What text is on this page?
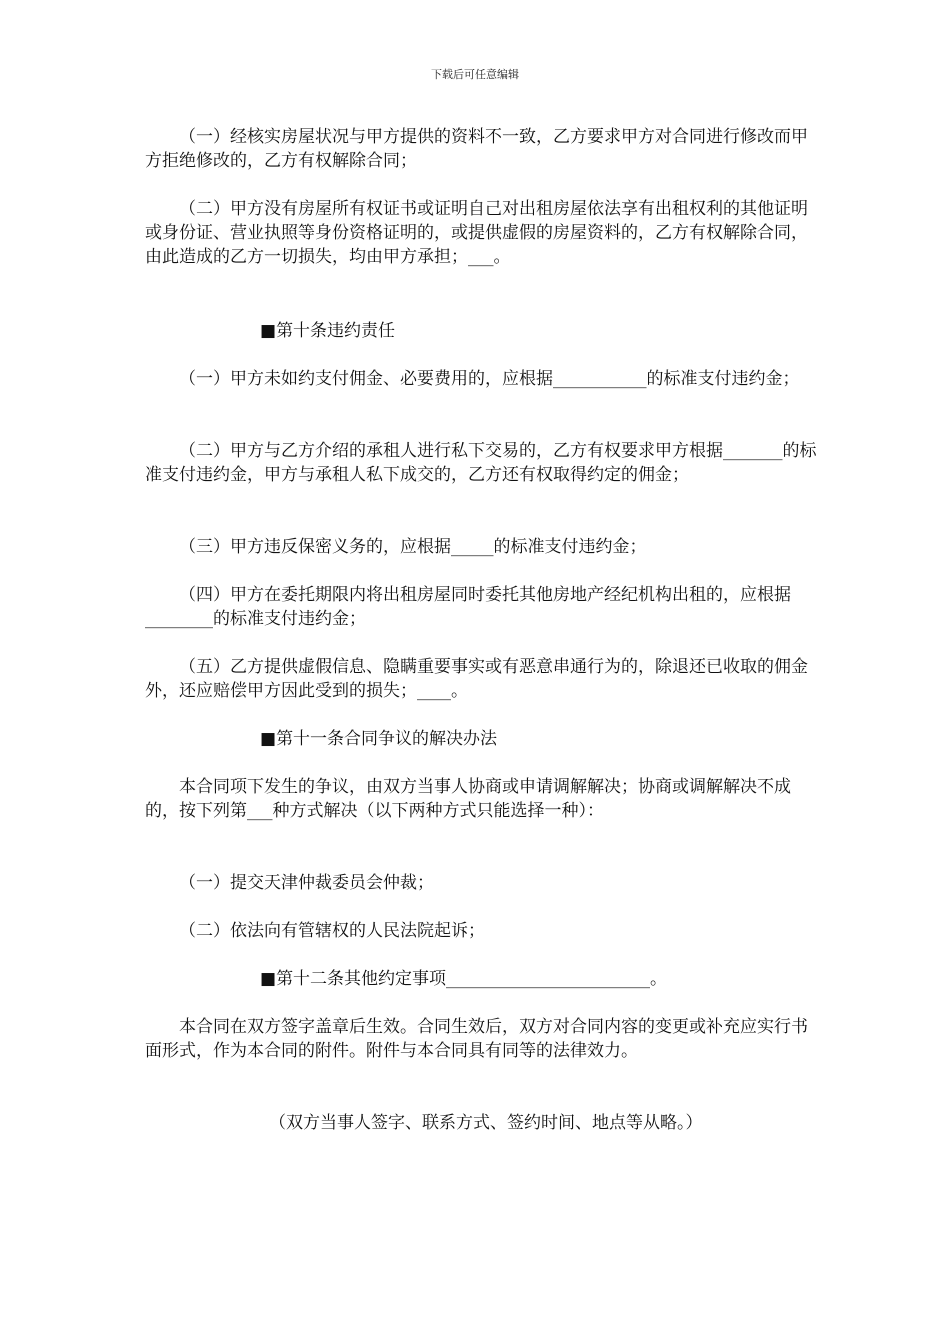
下载后可任意编辑

（一）经核实房屋状况与甲方提供的资料不一致，乙方要求甲方对合同进行修改而甲方拒绝修改的，乙方有权解除合同；

（二）甲方没有房屋所有权证书或证明自己对出租房屋依法享有出租权利的其他证明或身份证、营业执照等身份资格证明的，或提供虚假的房屋资料的，乙方有权解除合同，由此造成的乙方一切损失，均由甲方承担；___。

■第十条违约责任

（一）甲方未如约支付佣金、必要费用的，应根据___________的标准支付违约金；

（二）甲方与乙方介绍的承租人进行私下交易的，乙方有权要求甲方根据_______的标准支付违约金，甲方与承租人私下成交的，乙方还有权取得约定的佣金；

（三）甲方违反保密义务的，应根据_____的标准支付违约金；

（四）甲方在委托期限内将出租房屋同时委托其他房地产经纪机构出租的，应根据________的标准支付违约金；

（五）乙方提供虚假信息、隐瞒重要事实或有恶意串通行为的，除退还已收取的佣金外，还应赔偿甲方因此受到的损失；____。

■第十一条合同争议的解决办法

本合同项下发生的争议，由双方当事人协商或申请调解解决；协商或调解解决不成的，按下列第___种方式解决（以下两种方式只能选择一种）：

（一）提交天津仲裁委员会仲裁；

（二）依法向有管辖权的人民法院起诉；

■第十二条其他约定事项________________________。

本合同在双方签字盖章后生效。合同生效后，双方对合同内容的变更或补充应实行书面形式，作为本合同的附件。附件与本合同具有同等的法律效力。

（双方当事人签字、联系方式、签约时间、地点等从略。）
